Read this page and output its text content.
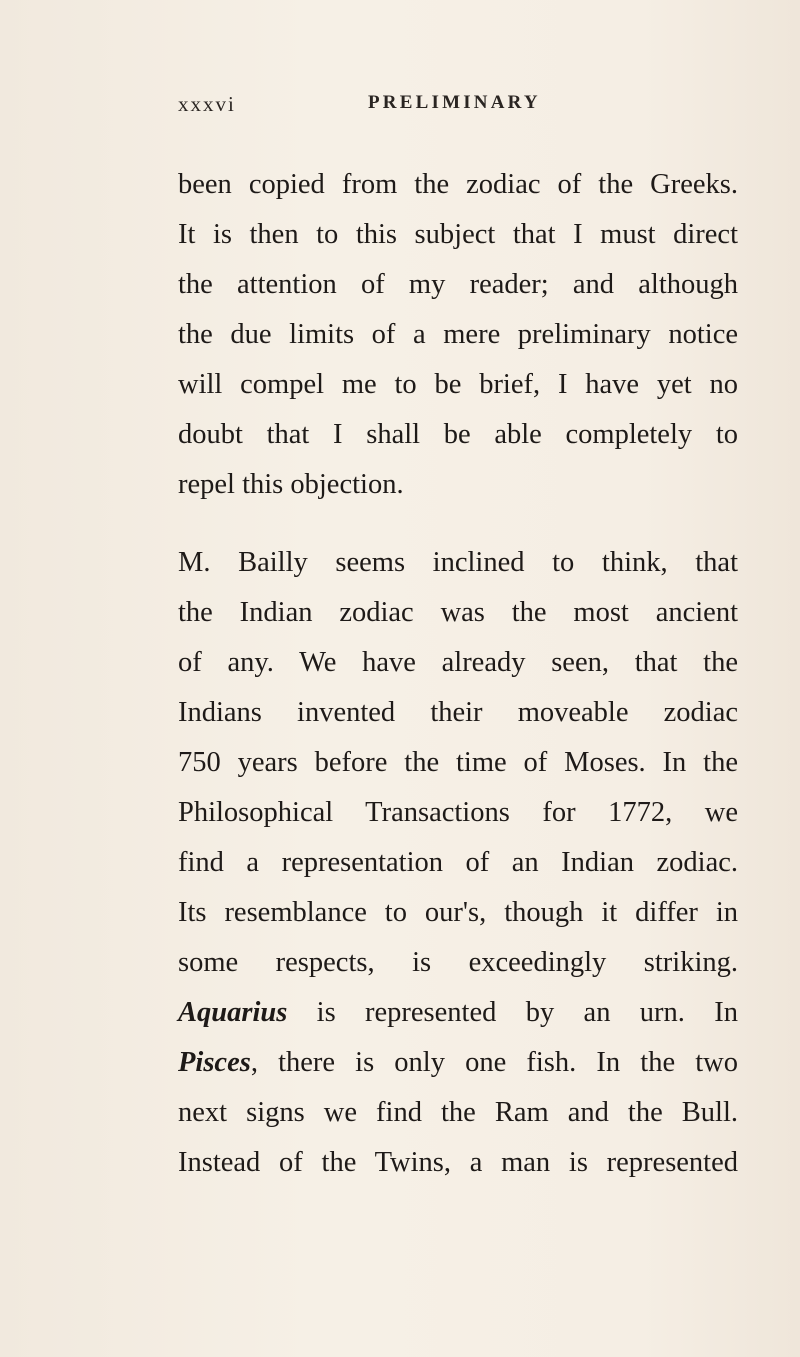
xxxvi	PRELIMINARY
been copied from the zodiac of the Greeks.
It is then to this subject that I must direct
the attention of my reader; and although
the due limits of a mere preliminary notice
will compel me to be brief, I have yet no
doubt that I shall be able completely to
repel this objection.
M. Bailly seems inclined to think, that
the Indian zodiac was the most ancient
of any. We have already seen, that the
Indians invented their moveable zodiac
750 years before the time of Moses. In the
Philosophical Transactions for 1772, we
find a representation of an Indian zodiac.
Its resemblance to our's, though it differ in
some respects, is exceedingly striking.
Aquarius is represented by an urn. In
Pisces, there is only one fish. In the two
next signs we find the Ram and the Bull.
Instead of the Twins, a man is represented
